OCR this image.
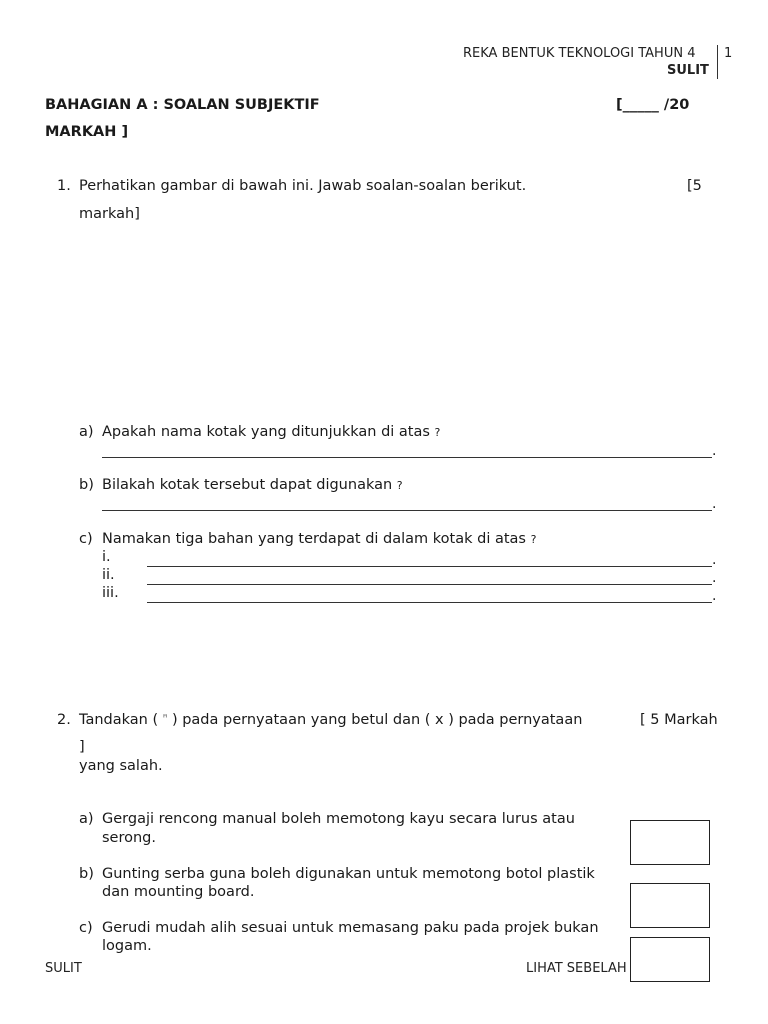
REKA BENTUK TEKNOLOGI TAHUN 4 1
SULIT
BAHAGIAN A : SOALAN SUBJEKTIF	[_____ /20
MARKAH ]
1. Perhatikan gambar di bawah ini. Jawab soalan-soalan berikut.	[5
markah]
a) Apakah nama kotak yang ditunjukkan di atas ?
.
b) Bilakah kotak tersebut dapat digunakan ?
.
c) Namakan tiga bahan yang terdapat di dalam kotak di atas ?
i.	.
ii.	.
iii.	.
2. Tandakan ( $^ꟸ$ ) pada pernyataan yang betul dan ( x ) pada pernyataan	[ 5 Markah
]
yang salah.
a) Gergaji rencong manual boleh memotong kayu secara lurus atau
serong.
b) Gunting serba guna boleh digunakan untuk memotong botol plastik
dan mounting board.
c) Gerudi mudah alih sesuai untuk memasang paku pada projek bukan
logam.
SULIT	LIHAT SEBELAH
